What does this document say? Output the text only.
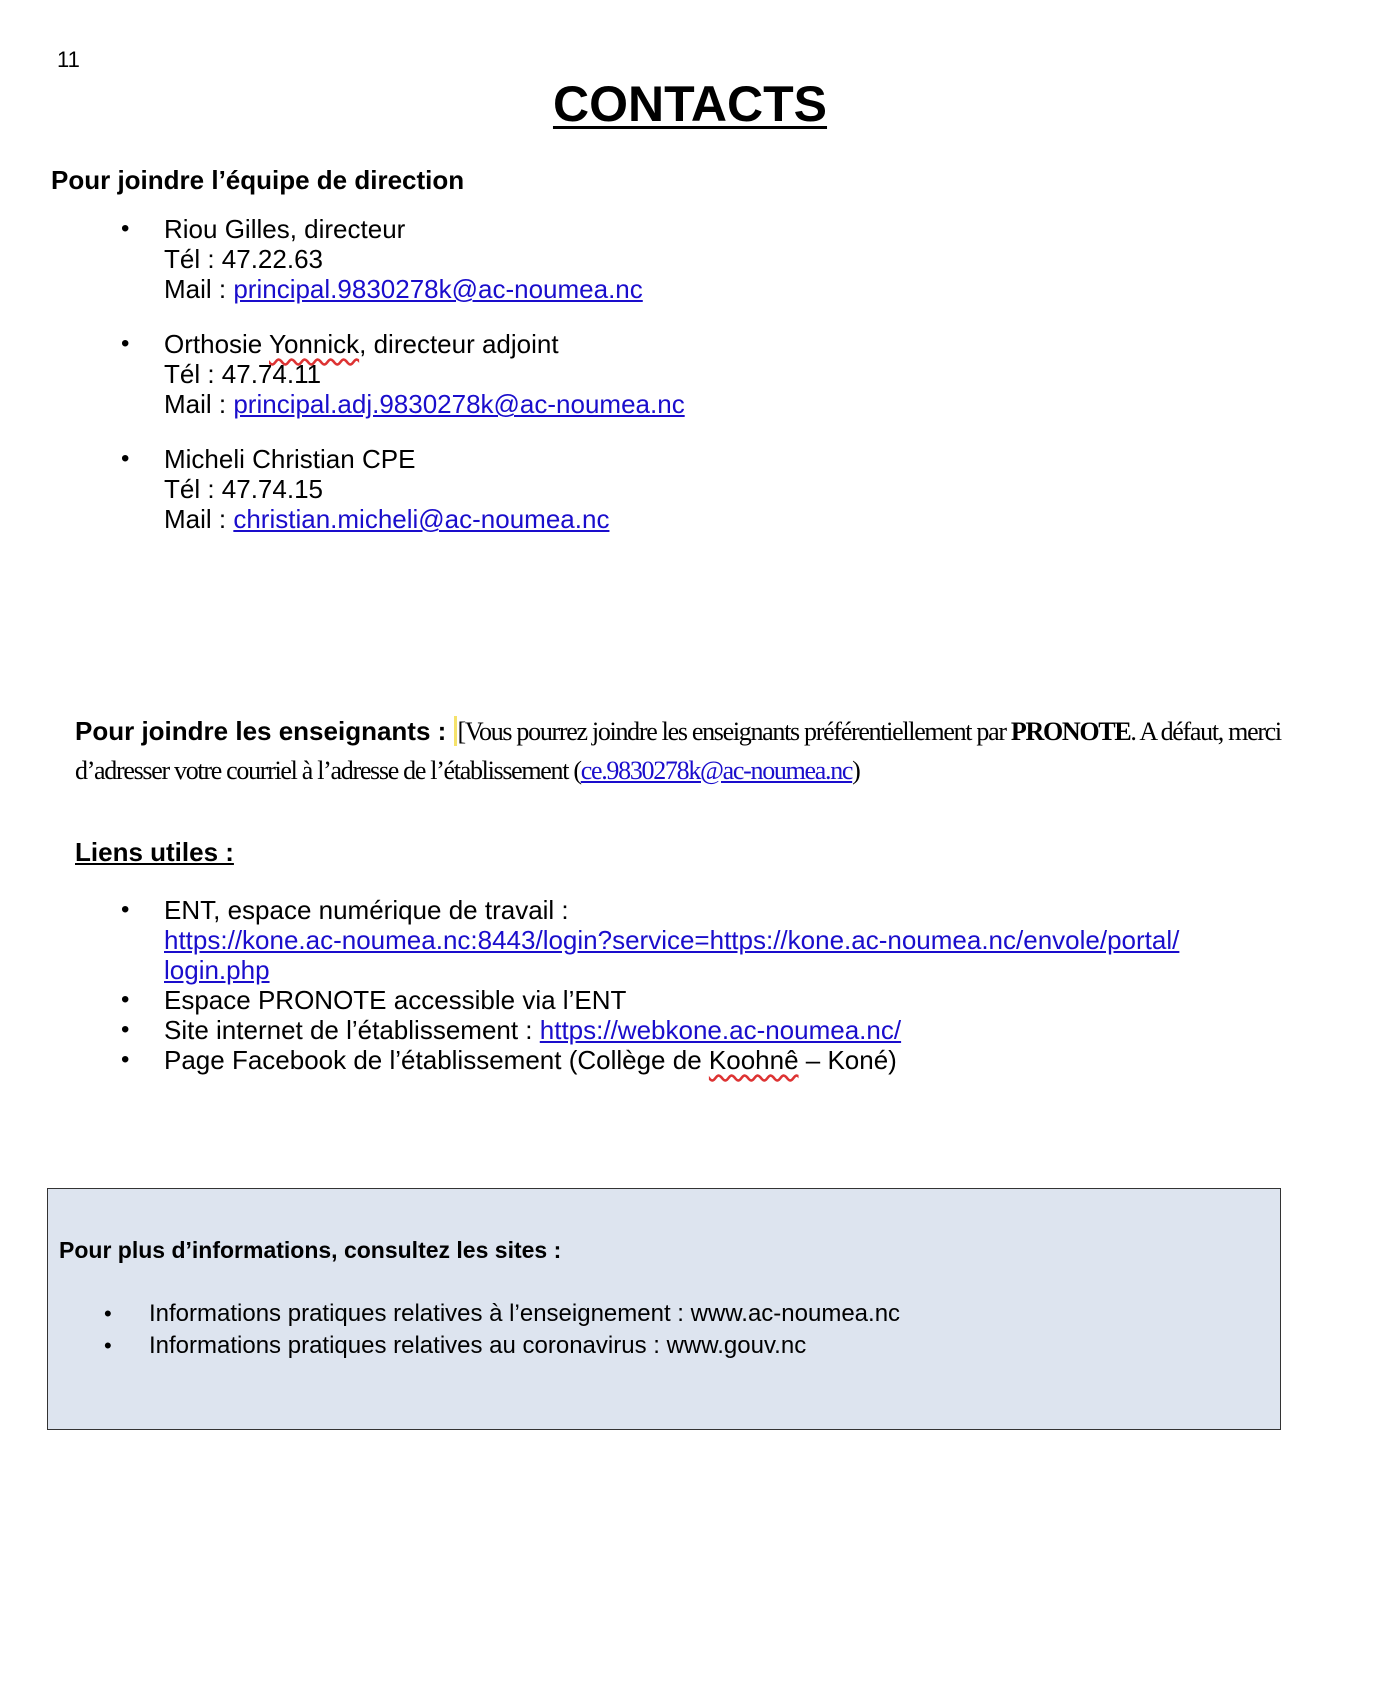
11
CONTACTS
Pour joindre l’équipe de direction
• Riou Gilles, directeur
Tél : 47.22.63
Mail : principal.9830278k@ac-noumea.nc
• Orthosie Yonnick, directeur adjoint
Tél : 47.74.11
Mail : principal.adj.9830278k@ac-noumea.nc
• Micheli Christian CPE
Tél : 47.74.15
Mail : christian.micheli@ac-noumea.nc
Pour joindre les enseignants : [Vous pourrez joindre les enseignants préférentiellement par PRONOTE. A défaut, merci d’adresser votre courriel à l’adresse de l’établissement (ce.9830278k@ac-noumea.nc)
Liens utiles :
• ENT, espace numérique de travail :
https://kone.ac-noumea.nc:8443/login?service=https://kone.ac-noumea.nc/envole/portal/
login.php
• Espace PRONOTE accessible via l’ENT
• Site internet de l’établissement : https://webkone.ac-noumea.nc/
• Page Facebook de l’établissement (Collège de Koohnê – Koné)
Pour plus d’informations, consultez les sites :
• Informations pratiques relatives à l’enseignement : www.ac-noumea.nc
• Informations pratiques relatives au coronavirus : www.gouv.nc
